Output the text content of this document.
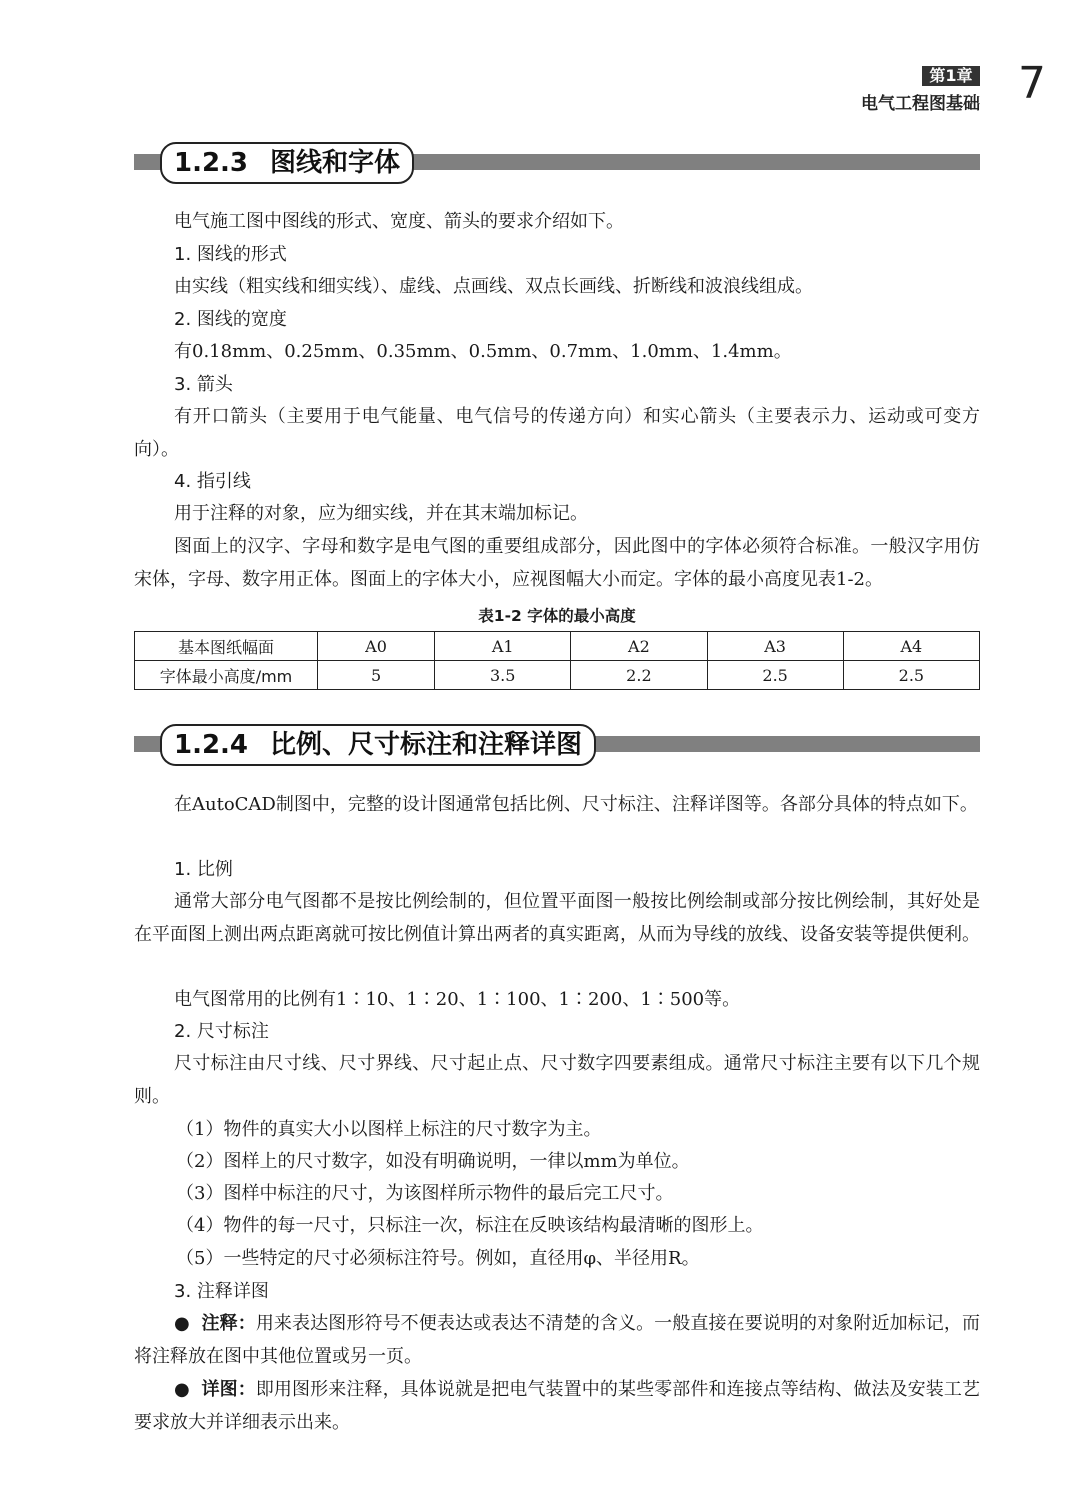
第1章
电气工程图基础 7
1.2.3 图线和字体
电气施工图中图线的形式、宽度、箭头的要求介绍如下。
1. 图线的形式
由实线（粗实线和细实线）、虚线、点画线、双点长画线、折断线和波浪线组成。
2. 图线的宽度
有0.18mm、0.25mm、0.35mm、0.5mm、0.7mm、1.0mm、1.4mm。
3. 箭头
有开口箭头（主要用于电气能量、电气信号的传递方向）和实心箭头（主要表示力、运动或可变方向）。
4. 指引线
用于注释的对象，应为细实线，并在其末端加标记。
图面上的汉字、字母和数字是电气图的重要组成部分，因此图中的字体必须符合标准。一般汉字用仿宋体，字母、数字用正体。图面上的字体大小，应视图幅大小而定。字体的最小高度见表1-2。
表1-2 字体的最小高度
基本图纸幅面	A0	A1	A2	A3	A4
字体最小高度/mm	5	3.5	2.2	2.5	2.5
1.2.4 比例、尺寸标注和注释详图
在AutoCAD制图中，完整的设计图通常包括比例、尺寸标注、注释详图等。各部分具体的特点如下。
1. 比例
通常大部分电气图都不是按比例绘制的，但位置平面图一般按比例绘制或部分按比例绘制，其好处是在平面图上测出两点距离就可按比例值计算出两者的真实距离，从而为导线的放线、设备安装等提供便利。
电气图常用的比例有1∶10、1∶20、1∶100、1∶200、1∶500等。
2. 尺寸标注
尺寸标注由尺寸线、尺寸界线、尺寸起止点、尺寸数字四要素组成。通常尺寸标注主要有以下几个规则。
（1）物件的真实大小以图样上标注的尺寸数字为主。
（2）图样上的尺寸数字，如没有明确说明，一律以mm为单位。
（3）图样中标注的尺寸，为该图样所示物件的最后完工尺寸。
（4）物件的每一尺寸，只标注一次，标注在反映该结构最清晰的图形上。
（5）一些特定的尺寸必须标注符号。例如，直径用φ、半径用R。
3. 注释详图
● 注释：用来表达图形符号不便表达或表达不清楚的含义。一般直接在要说明的对象附近加标记，而将注释放在图中其他位置或另一页。
● 详图：即用图形来注释，具体说就是把电气装置中的某些零部件和连接点等结构、做法及安装工艺要求放大并详细表示出来。
